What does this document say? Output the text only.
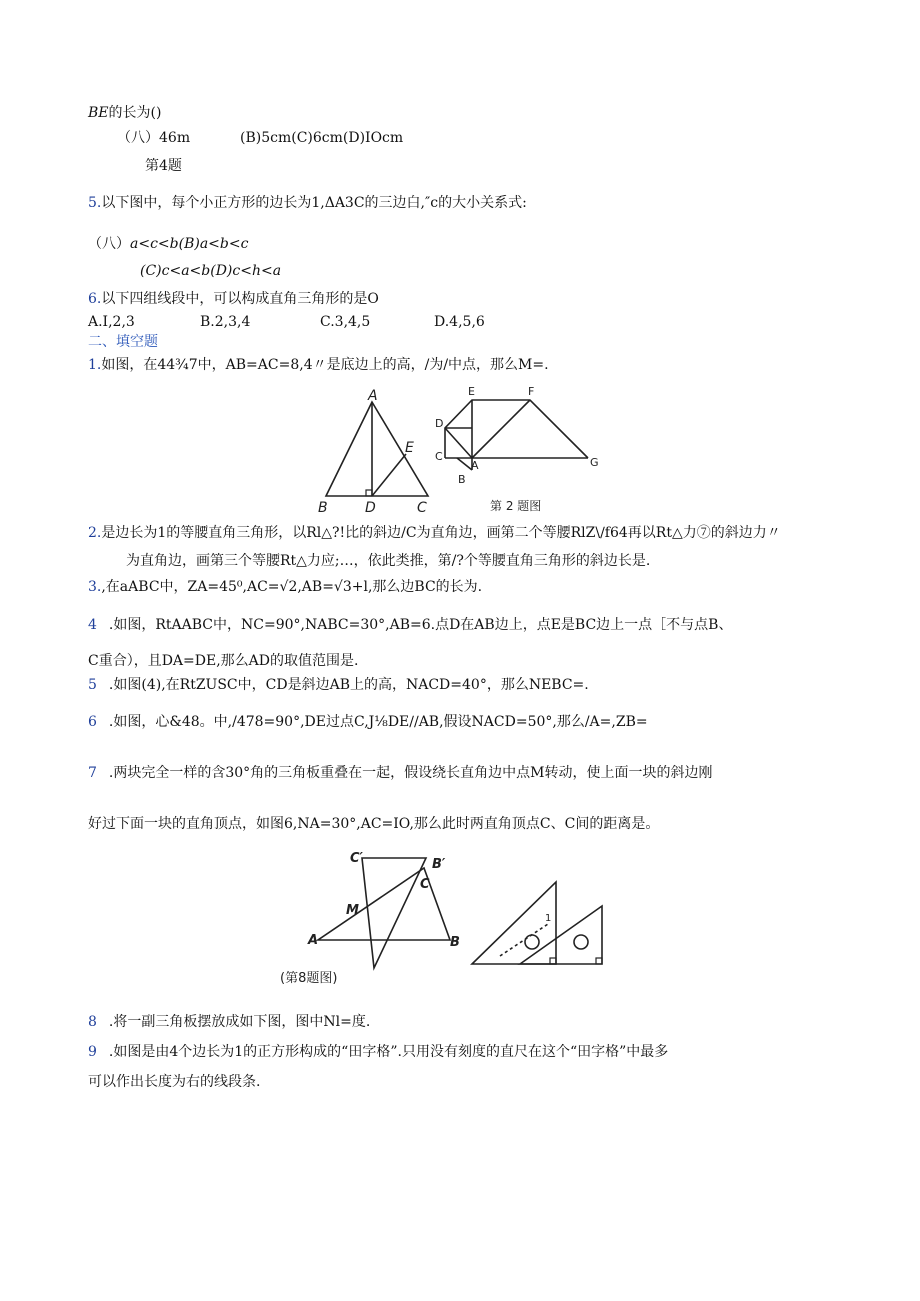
BE的长为()
（八）46m	(B)5cm(C)6cm(D)IOcm
第4题
5.以下图中，每个小正方形的边长为1,ΔA3C的三边白,″c的大小关系式:
（八）a<c<b(B)a<b<c
(C)c<a<b(D)c<h<a
6.以下四组线段中，可以构成直角三角形的是O
A.I,2,3	B.2,3,4	C.3,4,5	D.4,5,6
二、填空题
1.如图，在44¾7中，AB=AC=8,4〃是底边上的高，/为/中点，那么M=.
A
B	C
D
E
E	F
D
C
A
B
G
第 2 题图
2.是边长为1的等腰直角三角形，以Rl△?!比的斜边/C为直角边，画第二个等腰RlZ\∕f64再以Rt△力⑦的斜边力〃
为直角边，画第三个等腰Rt△力应;…，依此类推，第/?个等腰直角三角形的斜边长是.
3.,在aABC中，ZA=45⁰,AC=√2,AB=√3+l,那么边BC的长为.
4 .如图，RtAABC中，NC=90°,NABC=30°,AB=6.点D在AB边上，点E是BC边上一点［不与点B、
C重合），且DA=DE,那么AD的取值范围是.
5 .如图(4),在RtZUSC中，CD是斜边AB上的高，NACD=40°，那么NEBC=.
6 .如图，心&48。中,/478=90°,DE过点C,J⅛DE∕∕AB,假设NACD=50°,那么/A=,ZB=
7 .两块完全一样的含30°角的三角板重叠在一起，假设绕长直角边中点M转动，使上面一块的斜边刚
好过下面一块的直角顶点，如图6,NA=30°,AC=IO,那么此时两直角顶点C、C间的距离是。
C′	B′
C
M
A	B
(第8题图)
1
8 .将一副三角板摆放成如下图，图中Nl=度.
9 .如图是由4个边长为1的正方形构成的“田字格”.只用没有刻度的直尺在这个“田字格”中最多
可以作出长度为右的线段条.
